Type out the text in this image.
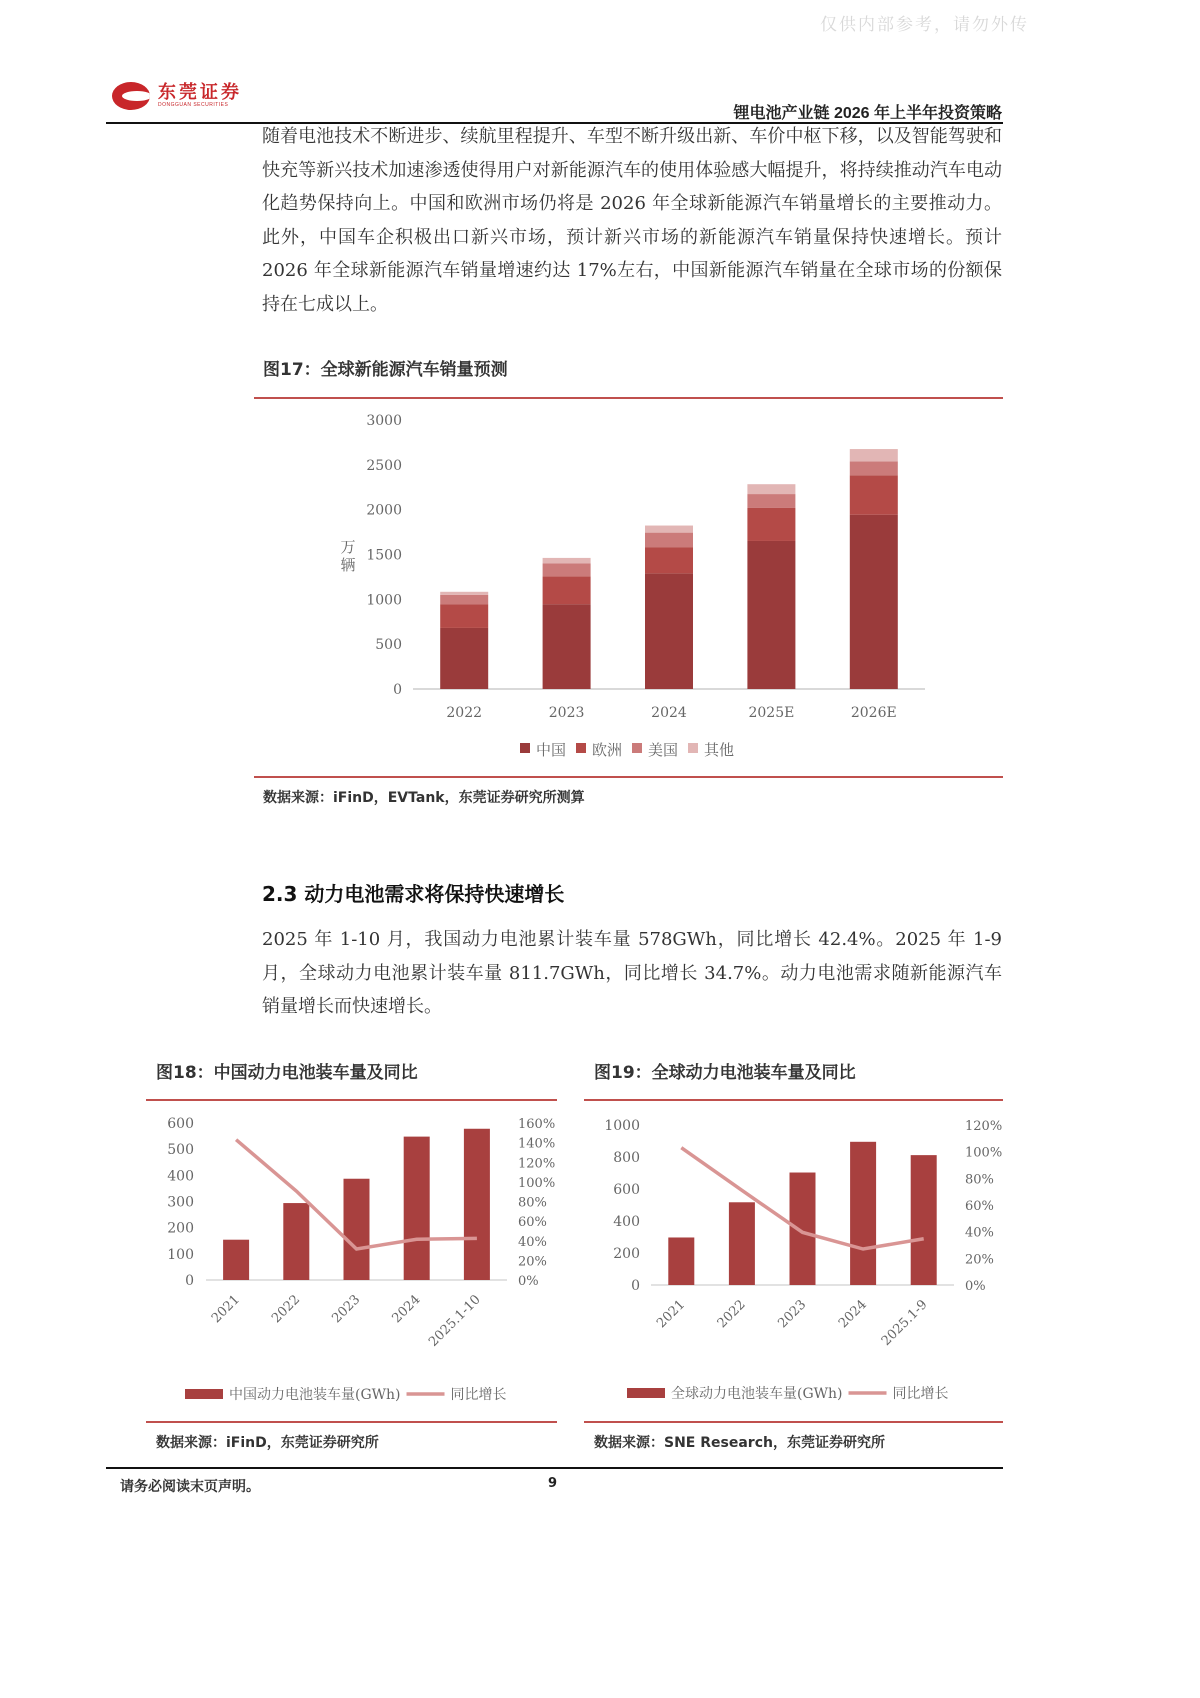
仅供内部参考，请勿外传
东莞证券
DONGGUAN SECURITIES	锂电池产业链 2026 年上半年投资策略
随着电池技术不断进步、续航里程提升、车型不断升级出新、车价中枢下移，以及智能驾驶和快充等新兴技术加速渗透使得用户对新能源汽车的使用体验感大幅提升，将持续推动汽车电动化趋势保持向上。中国和欧洲市场仍将是 2026 年全球新能源汽车销量增长的主要推动力。此外，中国车企积极出口新兴市场，预计新兴市场的新能源汽车销量保持快速增长。预计 2026 年全球新能源汽车销量增速约达 17%左右，中国新能源汽车销量在全球市场的份额保持在七成以上。
图17：全球新能源汽车销量预测
数据来源：iFinD，EVTank，东莞证券研究所测算
2.3 动力电池需求将保持快速增长
2025 年 1-10 月，我国动力电池累计装车量 578GWh，同比增长 42.4%。2025 年 1-9 月，全球动力电池累计装车量 811.7GWh，同比增长 34.7%。动力电池需求随新能源汽车销量增长而快速增长。
图18：中国动力电池装车量及同比
数据来源：iFinD，东莞证券研究所
图19：全球动力电池装车量及同比
数据来源：SNE Research，东莞证券研究所
请务必阅读末页声明。	9
0
500
1000
1500
2000
2500
3000
万
辆
2022	2023	2024	2025E	2026E
中国 欧洲 美国 其他
0
100
200
300
400
500
600
0%
20%
40%
60%
80%
100%
120%
140%
160%
2021 2022 2023 2024 2025.1-10
中国动力电池装车量(GWh)	同比增长
0
200
400
600
800
1000
0%
20%
40%
60%
80%
100%
120%
2021 2022 2023 2024 2025.1-9
全球动力电池装车量(GWh)	同比增长
